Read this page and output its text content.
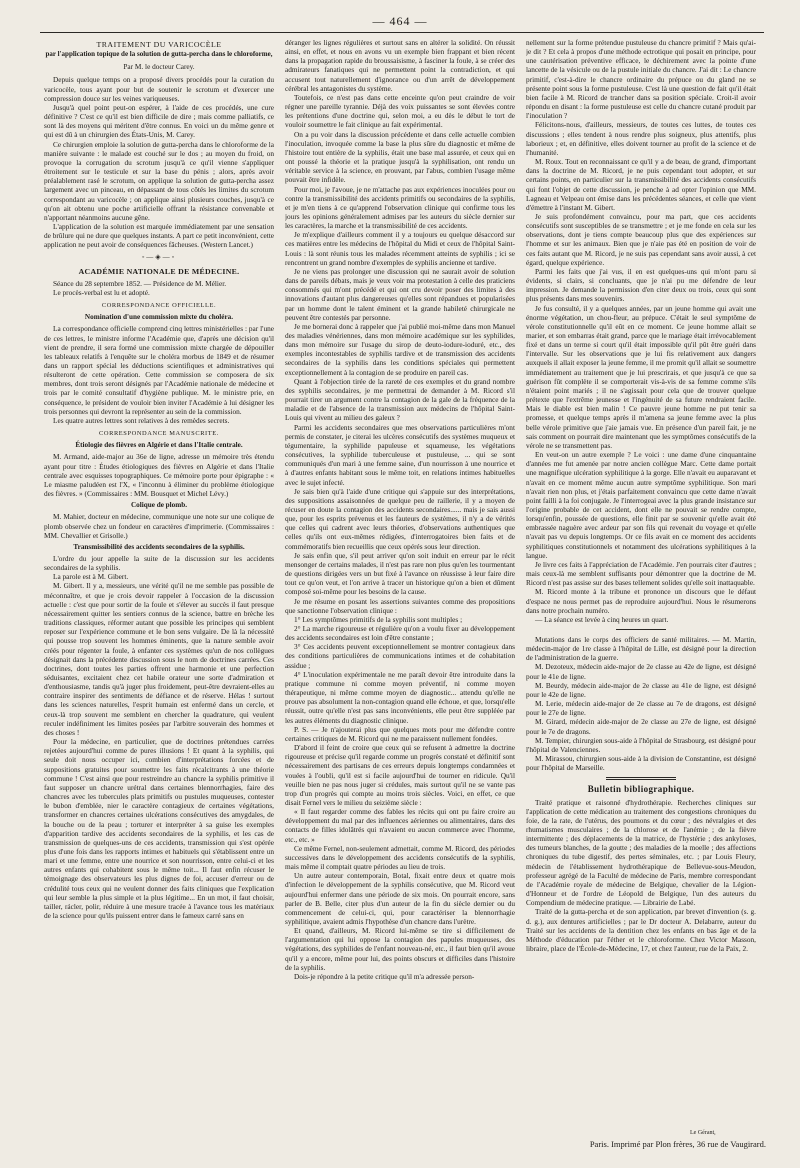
— 464 —
TRAITEMENT DU VARICOCÈLE
par l'application topique de la solution de gutta-percha dans le chloroforme,
Par M. le docteur Carey.

Depuis quelque temps on a proposé divers procédés pour la curation du varicocèle, tous ayant pour but de soutenir le scrotum et d'exercer une compression douce sur les veines variqueuses.

Jusqu'à quel point peut-on espérer, à l'aide de ces procédés, une cure définitive ? C'est ce qu'il est bien difficile de dire ; mais comme palliatifs, ce sont là des moyens qui méritent d'être connus. En voici un du même genre et qui est dû à un chirurgien des États-Unis, M. Carey.

Ce chirurgien emploie la solution de gutta-percha dans le chloroforme de la manière suivante : le malade est couché sur le dos ; au moyen du froid, on provoque la corrugation du scrotum jusqu'à ce qu'il vienne s'appliquer étroitement sur le testicule et sur la base du pénis ; alors, après avoir préalablement rasé le scrotum, on applique la solution de gutta-percha assez largement avec un pinceau, en dépassant de tous côtés les limites du scrotum correspondant au varicocèle ; on applique ainsi plusieurs couches, jusqu'à ce qu'on ait obtenu une poche artificielle offrant la résistance convenable et n'apportant néanmoins aucune gêne.

L'application de la solution est marquée immédiatement par une sensation de brûlure qui ne dure que quelques instants. A part ce petit inconvénient, cette application ne peut avoir de conséquences fâcheuses. (Western Lancet.)

◦—◈—◦
ACADÉMIE NATIONALE DE MÉDECINE.

Séance du 28 septembre 1852. — Présidence de M. Mélier.

Le procès-verbal est lu et adopté.

CORRESPONDANCE OFFICIELLE.
Nomination d'une commission mixte du choléra.

La correspondance officielle comprend cinq lettres ministérielles : par l'une de ces lettres, le ministre informe l'Académie que, d'après une décision qu'il vient de prendre, il sera formé une commission mixte chargée de dépouiller les tableaux relatifs à l'enquête sur le choléra morbus de 1849 et de résumer dans un rapport spécial les déductions scientifiques et administratives qui résulteront de cette opération. Cette commission se composera de six membres, dont trois seront désignés par l'Académie nationale de médecine et trois par le comité consultatif d'hygiène publique. M. le ministre prie, en conséquence, le président de vouloir bien inviter l'Académie à lui désigner les trois personnes qui devront la représenter au sein de la commission.

Les quatre autres lettres sont relatives à des remèdes secrets.

CORRESPONDANCE MANUSCRITE.
Étiologie des fièvres en Algérie et dans l'Italie centrale.

M. Armand, aide-major au 36e de ligne, adresse un mémoire très étendu ayant pour titre : Études étiologiques des fièvres en Algérie et dans l'Italie centrale avec esquisses topographiques. Ce mémoire porte pour épigraphe : « Le miasme paludéen est l'X, « l'inconnu à éliminer du problème étiologique des fièvres. » (Commissaires : MM. Bousquet et Michel Lévy.)

Colique de plomb.

M. Mahier, docteur en médecine, communique une note sur une colique de plomb observée chez un fondeur en caractères d'imprimerie. (Commissaires : MM. Chevallier et Grisolle.)

Transmissibilité des accidents secondaires de la syphilis.

L'ordre du jour appelle la suite de la discussion sur les accidents secondaires de la syphilis.

La parole est à M. Gibert.

M. Gibert. Il y a, messieurs, une vérité qu'il ne me semble pas possible de méconnaître, et que je crois devoir rappeler à l'occasion de la discussion actuelle : c'est que pour sortir de la foule et s'élever au succès il faut presque nécessairement quitter les sentiers connus de la science, battre en brèche les traditions classiques, réformer autant que possible les principes qui semblent reposer sur l'expérience commune et le bon sens vulgaire. De là la nécessité qui pousse trop souvent les hommes éminents, que la nature semble avoir créés pour régenter la foule, à enfanter ces systèmes qu'un de nos collègues désignait dans la précédente discussion sous le nom de doctrines carrées. Ces doctrines, dont toutes les parties offrent une harmonie et une perfection séduisantes, excitaient chez cet habile orateur une sorte d'admiration et d'enthousiasme, tandis qu'à juger plus froidement, peut-être devraient-elles au contraire inspirer des sentiments de défiance et de réserve. Hélas ! surtout dans les sciences naturelles, l'esprit humain est enfermé dans un cercle, et ceux-là trop souvent me semblent en chercher la quadrature, qui veulent reculer indéfiniment les limites posées par l'arbitre souverain des hommes et des choses !

Pour la médecine, en particulier, que de doctrines prétendues carrées rejetées aujourd'hui comme de pures illusions ! Et quant à la syphilis, qui seule doit nous occuper ici, combien d'interprétations forcées et de suppositions gratuites pour soumettre les faits récalcitrants à une théorie commune ! C'est ainsi que pour restreindre au chancre la syphilis primitive il faut supposer un chancre urétral dans certaines blennorrhagies, faire des chancres avec les tubercules plats primitifs ou pustules muqueuses, contester le bubon d'emblée, nier le caractère contagieux de certaines végétations, transformer en chancres certaines ulcérations consécutives des amygdales, de la bouche ou de la peau ; torturer et interpréter à sa guise les exemples d'apparition tardive des accidents secondaires de la syphilis, et les cas de transmission de quelques-uns de ces accidents, transmission qui s'est opérée plus d'une fois dans les rapports intimes et habituels qui s'établissent entre un mari et une femme, entre une nourrice et son nourrisson, entre celui-ci et les autres enfants qui cohabitent sous le même toit... Il faut enfin récuser le témoignage des observateurs les plus dignes de foi, accuser d'erreur ou de crédulité tous ceux qui ne veulent donner des faits cliniques que l'explication qui leur semble la plus simple et la plus légitime... En un mot, il faut choisir, tailler, rácler, polir, réduire à une mesure tracée à l'avance tous les matériaux de la science pour qu'ils puissent entrer dans le fameux carré sans en

déranger les lignes régulières et surtout sans en altérer la solidité. On réussit ainsi, en effet, et nous en avons vu un exemple bien frappant et bien récent dans la propagation rapide du broussaisisme, à fasciner la foule, à se créer des admirateurs fanatiques qui ne permettent point la contradiction, et qui accusent tout naturellement d'ignorance ou d'un arrêt de développement cérébral les antagonistes du système.

Toutefois, ce n'est pas dans cette enceinte qu'on peut craindre de voir régner une pareille tyrannie. Déjà des voix puissantes se sont élevées contre les prétentions d'une doctrine qui, selon moi, a eu dès le début le tort de vouloir soumettre le fait clinique au fait expérimental.

On a pu voir dans la discussion précédente et dans celle actuelle combien l'inoculation, invoquée comme la base la plus sûre du diagnostic et même de l'histoire tout entière de la syphilis, était une base mal assurée, et ceux qui en ont poussé la théorie et la pratique jusqu'à la syphilisation, ont rendu un véritable service à la science, en prouvant, par l'abus, combien l'usage même pouvait être infidèle.

Pour moi, je l'avoue, je ne m'attache pas aux expériences inoculées pour ou contre la transmissibilité des accidents primitifs ou secondaires de la syphilis, et je m'en tiens à ce qu'apprend l'observation clinique qui confirme tous les jours les opinions généralement admises par les auteurs du siècle dernier sur les caractères, la marche et la transmissibilité de ces accidents.

Je m'explique d'ailleurs comment il y a toujours eu quelque désaccord sur ces matières entre les médecins de l'hôpital du Midi et ceux de l'hôpital Saint-Louis : là sont réunis tous les malades récemment atteints de syphilis ; ici se rencontrent un grand nombre d'exemples de syphilis ancienne et tardive.

Je ne viens pas prolonger une discussion qui ne saurait avoir de solution dans de pareils débats, mais je veux voir ma protestation à celle des praticiens consommés qui m'ont précédé et qui ont cru devoir poser des limites à des innovations d'autant plus dangereuses qu'elles sont répandues et popularisées par un homme dont le talent éminent et la grande habileté chirurgicale ne peuvent être contestés par personne.

Je me bornerai donc à rappeler que j'ai publié moi-même dans mon Manuel des maladies vénériennes, dans mon mémoire académique sur les syphilides, dans mon mémoire sur l'usage du sirop de deuto-iodure-ioduré, etc., des exemples incontestables de syphilis tardive et de transmission des accidents secondaires de la syphilis dans les conditions spéciales qui permettent exceptionnellement à la contagion de se produire en pareil cas.

Quant à l'objection tirée de la rareté de ces exemples et du grand nombre des syphilis secondaires, je me permettrai de demander à M. Ricord s'il pourrait tirer un argument contre la contagion de la gale de la fréquence de la maladie et de l'absence de la transmission aux médecins de l'hôpital Saint-Louis qui vivent au milieu des galeux ?

Parmi les accidents secondaires que mes observations particulières m'ont permis de constater, je citerai les ulcères consécutifs des systèmes muqueux et tégumentaire, la syphilide papuleuse et squameuse, les végétations consécutives, la syphilide tuberculeuse et pustuleuse, ... qui se sont communiqués d'un mari à une femme saine, d'un nourrisson à une nourrice et à d'autres enfants habitant sous le même toit, en relations intimes habituelles avec le sujet infecté.

Je sais bien qu'à l'aide d'une critique qui s'appuie sur des interprétations, des suppositions assaisonnées de quelque peu de raillerie, il y a moyen de récuser en doute la contagion des accidents secondaires...... mais je sais aussi que, pour les esprits prévenus et les fauteurs de systèmes, il n'y a de vérités que celles qui cadrent avec leurs théories, d'observations authentiques que celles qu'ils ont eux-mêmes rédigées, d'interrogatoires bien faits et de commémoratifs bien recueillis que ceux opérés sous leur direction.

Je sais enfin que, s'il peut arriver qu'on soit induit en erreur par le récit mensonger de certains malades, il n'est pas rare non plus qu'en les tourmentant de questions dirigées vers un but fixé à l'avance on réussisse à leur faire dire tout ce qu'on veut, et l'on arrive à tracer un historique qu'on a bien et dûment composé soi-même pour les besoins de la cause.

Je me résume en posant les assertions suivantes comme des propositions que sanctionne l'observation clinique :

1° Les symptômes primitifs de la syphilis sont multiples ;

2° La marche rigoureuse et régulière qu'on a voulu fixer au développement des accidents secondaires est loin d'être constante ;

3° Ces accidents peuvent exceptionnellement se montrer contagieux dans des conditions particulières de communications intimes et de cohabitation assidue ;

4° L'inoculation expérimentale ne me paraît devoir être introduite dans la pratique commune ni comme moyen préventif, ni comme moyen thérapeutique, ni même comme moyen de diagnostic... attendu qu'elle ne prouve pas absolument la non-contagion quand elle échoue, et que, lorsqu'elle réussit, outre qu'elle n'est pas sans inconvénients, elle peut être suppléée par les autres éléments du diagnostic clinique.

P. S. — Je n'ajouterai plus que quelques mots pour me défendre contre certaines critiques de M. Ricord qui ne me paraissent nullement fondées.

D'abord il feint de croire que ceux qui se refusent à admettre la doctrine rigoureuse et précise qu'il regarde comme un progrès constaté et définitif sont nécessairement des partisans de ces erreurs depuis longtemps condamnées et vouées à l'oubli, qu'il est si facile aujourd'hui de tourner en ridicule. Qu'il veuille bien ne pas nous juger si crédules, mais surtout qu'il ne se vante pas trop d'un progrès qui compte au moins trois siècles. Voici, en effet, ce que disait Fernel vers le milieu du seizième siècle :

« Il faut regarder comme des fables les récits qui ont pu faire croire au développement du mal par des influences aériennes ou alimentaires, dans des contacts de filles idolâtrés qui n'avaient eu aucun commerce avec l'homme, etc., etc. »

Ce même Fernel, non-seulement admettait, comme M. Ricord, des périodes successives dans le développement des accidents consécutifs de la syphilis, mais même il comptait quatre périodes au lieu de trois.

Un autre auteur contemporain, Botal, fixait entre deux et quatre mois d'infection le développement de la syphilis consécutive, que M. Ricord veut aujourd'hui enfermer dans une période de six mois. On pourrait encore, sans parler de B. Belle, citer plus d'un auteur de la fin du siècle dernier ou du commencement de celui-ci, qui, pour caractériser la blennorrhagie syphilitique, avaient admis l'hypothèse d'un chancre dans l'urètre.

Et quand, d'ailleurs, M. Ricord lui-même se tire si difficilement de l'argumentation qui lui oppose la contagion des papules muqueuses, des végétations, des syphilides de l'enfant nouveau-né, etc., il faut bien qu'il avoue qu'il y a encore, même pour lui, des points obscurs et difficiles dans l'histoire de la syphilis.

Dois-je répondre à la petite critique qu'il m'a adressée person-

nellement sur la forme prétendue pustuleuse du chancre primitif ? Mais qu'ai-je dit ? Et cela à propos d'une méthode ectrotique qui posait en principe, pour une cautérisation préventive efficace, le déchirement avec la pointe d'une lancette de la vésicule ou de la pustule initiale du chancre. J'ai dit : Le chancre primitif, c'est-à-dire le chancre ordinaire du prépuce ou du gland ne se présente point sous la forme pustuleuse. C'est là une question de fait qu'il était bien facile à M. Ricord de trancher dans sa position spéciale. Croit-il avoir répondu en disant : la forme pustuleuse est celle du chancre cutané produit par l'inoculation ?

Félicitons-nous, d'ailleurs, messieurs, de toutes ces luttes, de toutes ces discussions ; elles tendent à nous rendre plus soigneux, plus attentifs, plus laborieux ; et, en définitive, elles doivent tourner au profit de la science et de l'humanité.

M. Roux. Tout en reconnaissant ce qu'il y a de beau, de grand, d'important dans la doctrine de M. Ricord, je ne puis cependant tout adopter, et sur certains points, en particulier sur la transmissibilité des accidents consécutifs qui font l'objet de cette discussion, je penche à ad opter l'opinion que MM. Lagneau et Velpeau ont émise dans les précédentes séances, et celle que vient d'émettre à l'instant M. Gibert.

Je suis profondément convaincu, pour ma part, que ces accidents consécutifs sont susceptibles de se transmettre ; et je me fonde en cela sur les observations, dont je tiens compte beaucoup plus que des expériences sur l'homme et sur les animaux. Bien que je n'aie pas été en position de voir de ces faits autant que M. Ricord, je ne suis pas cependant sans avoir aussi, à cet égard, quelque expérience.

Parmi les faits que j'ai vus, il en est quelques-uns qui m'ont paru si évidents, si clairs, si concluants, que je n'ai pu me défendre de leur impression. Je demande la permission d'en citer deux ou trois, ceux qui sont plus présents dans mes souvenirs.

Je fus consulté, il y a quelques années, par un jeune homme qui avait une énorme végétation, un chou-fleur, au prépuce. C'était le seul symptôme de vérole constitutionnelle qu'il eût en ce moment. Ce jeune homme allait se marier, et son embarras était grand, parce que le mariage était irrévocablement fixé et dans un terme si court qu'il était impossible qu'il pût être guéri dans l'intervalle. Sur les observations que je lui fis relativement aux dangers auxquels il allait exposer la jeune femme, il me promit qu'il allait se soumettre immédiatement au traitement que je lui prescrirais, et que jusqu'à ce que sa guérison fût complète il se comporterait vis-à-vis de sa femme comme s'ils n'étaient point mariés ; il ne s'agissait pour cela que de trouver quelque prétexte que l'extrême jeunesse et l'ingénuité de sa future rendraient facile. Mais le diable est bien malin ! Ce pauvre jeune homme ne put tenir sa promesse, et quelque temps après il m'amena sa jeune femme avec la plus belle vérole primitive que j'aie jamais vue. En présence d'un pareil fait, je ne sais comment on pourrait dire maintenant que les symptômes consécutifs de la vérole ne se transmettent pas.

En veut-on un autre exemple ? Le voici : une dame d'une cinquantaine d'années me fut amenée par notre ancien collègue Marc. Cette dame portait une magnifique ulcération syphilitique à la gorge. Elle n'avait eu auparavant et n'avait en ce moment même aucun autre symptôme syphilitique. Son mari n'avait rien non plus, et j'étais parfaitement convaincu que cette dame n'avait point failli à la foi conjugale. Je l'interrogeai avec la plus grande insistance sur l'origine probable de cet accident, dont elle ne pouvait se rendre compte, lorsqu'enfin, poussée de questions, elle finit par se souvenir qu'elle avait été embrassée naguère avec ardeur par son fils qui revenait du voyage et qu'elle n'avait pas vu depuis longtemps. Or ce fils avait en ce moment des accidents syphilitiques constitutionnels et notamment des ulcérations syphilitiques à la langue.

Je livre ces faits à l'appréciation de l'Académie. J'en pourrais citer d'autres ; mais ceux-là me semblent suffisants pour démontrer que la doctrine de M. Ricord n'est pas assise sur des bases tellement solides qu'elle soit inattaquable.

M. Ricord monte à la tribune et prononce un discours que le défaut d'espace ne nous permet pas de reproduire aujourd'hui. Nous le résumerons dans notre prochain numéro.

— La séance est levée à cinq heures un quart.

Mutations dans le corps des officiers de santé militaires. — M. Martin, médecin-major de 1re classe à l'hôpital de Lille, est désigné pour la direction de l'administration de la guerre.

M. Dezoteux, médecin aide-major de 2e classe au 42e de ligne, est désigné pour le 41e de ligne.

M. Beurdy, médecin aide-major de 2e classe au 41e de ligne, est désigné pour le 42e de ligne.

M. Lerie, médecin aide-major de 2e classe au 7e de dragons, est désigné pour le 27e de ligne.

M. Girard, médecin aide-major de 2e classe au 27e de ligne, est désigné pour le 7e de dragons.

M. Tempier, chirurgien sous-aide à l'hôpital de Strasbourg, est désigné pour l'hôpital de Valenciennes.

M. Mirassou, chirurgien sous-aide à la division de Constantine, est désigné pour l'hôpital de Marseille.

Bulletin bibliographique.

Traité pratique et raisonné d'hydrothérapie. Recherches cliniques sur l'application de cette médication au traitement des congestions chroniques du foie, de la rate, de l'utérus, des poumons et du cœur ; des névralgies et des rhumatismes musculaires ; de la chlorose et de l'anémie ; de la fièvre intermittente ; des déplacements de la matrice, de l'hystérie ; des ankyloses, des tumeurs blanches, de la goutte ; des maladies de la moelle ; des affections chroniques du tube digestif, des pertes séminales, etc. ; par Louis Fleury, médecin de l'établissement hydrothérapique de Bellevue-sous-Meudon, professeur agrégé de la Faculté de médecine de Paris, membre correspondant de l'Académie royale de médecine de Belgique, chevalier de la Légion-d'Honneur et de l'ordre de Léopold de Belgique, l'un des auteurs du Compendium de médecine pratique. — Librairie de Labé.

Traité de la gutta-percha et de son application, par brevet d'invention (s. g. d. g.), aux dentures artificielles ; par le Dr docteur A. Delabarre, auteur du Traité sur les accidents de la dentition chez les enfants en bas âge et de la Méthode d'éducation par l'éther et le chloroforme. Chez Victor Masson, libraire, place de l'École-de-Médecine, 17, et chez l'auteur, rue de la Paix, 2.

Le Gérant,
Paris. Imprimé par Plon frères, 36 rue de Vaugirard.
